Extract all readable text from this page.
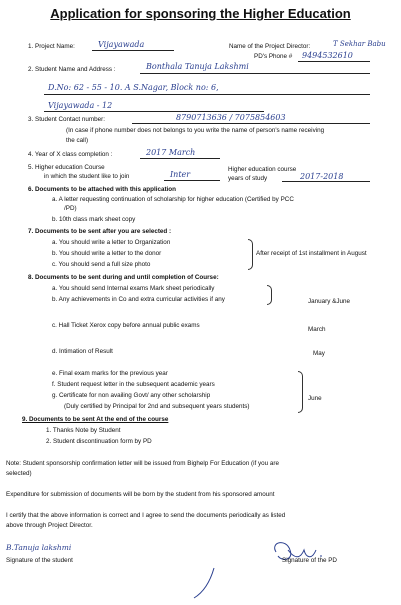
Application for sponsoring the Higher Education
1. Project Name:	Vijayawada	Name of the Project Director:	T Sekhar Babu
PD's Phone # 9494532610
2. Student Name and Address :	Bonthala Tanuja Lakshmi
D.No: 62 - 55 - 10. A S.Nagar, Block no: 6,
Vijayawada - 12
3. Student Contact number:	8790713636 / 7075854603
(In case if phone number does not belongs to you write the name of person's name receiving
the call)
4. Year of X class completion :	2017 March
5. Higher education Course
in which the student like to join	Inter
Higher education course
years of study	2017-2018
6. Documents to be attached with this application
a. A letter requesting continuation of scholarship for higher education (Certified by PCC
/PD)
b. 10th class mark sheet copy
7. Documents to be sent after you are selected :
a. You should write a letter to Organization
b. You should write a letter to the donor
c. You should send a full size photo
After receipt of 1st installment in August
8. Documents to be sent during and until completion of Course:
a. You should send Internal exams Mark sheet periodically
b. Any achievements in Co and extra curricular activities if any	January &June
c. Hall Ticket Xerox copy before annual public exams
March
d. Intimation of Result	May
e. Final exam marks for the previous year
f. Student request letter in the subsequent academic years
g. Certificate for non availing Govt/ any other scholarship
(Duly certified by Principal for 2nd and subsequent years students)
June
9. Documents to be sent At the end of the course
1. Thanks Note by Student
2. Student discontinuation form by PD
Note: Student sponsorship confirmation letter will be issued from Bighelp For Education (if you are
selected)
Expenditure for submission of documents will be born by the student from his sponsored amount
I certify that the above information is correct and I agree to send the documents periodically as listed
above through Project Director.
B.Tanuja lakshmi
Signature of the student	Signature of the PD
